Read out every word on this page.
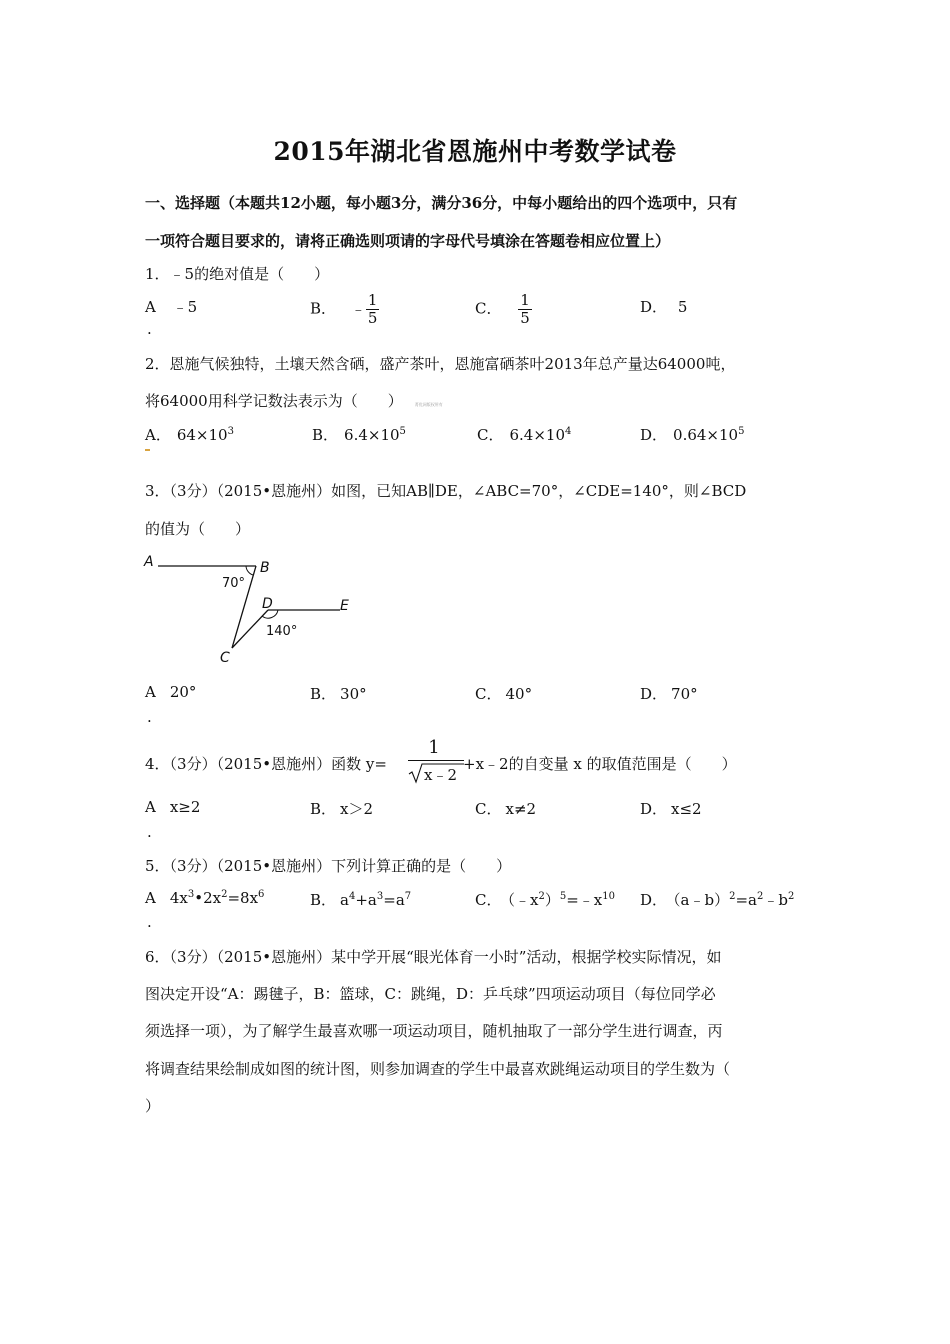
2015年湖北省恩施州中考数学试卷
一、选择题（本题共12小题，每小题3分，满分36分，中每小题给出的四个选项中，只有
一项符合题目要求的，请将正确选则项请的字母代号填涂在答题卷相应位置上）
1．﹣5的绝对值是（　　）
A ﹣5
.
B． ﹣ $\frac{1}{5}$	C． $\frac{1}{5}$	D． 5
2．恩施气候独特，土壤天然含硒，盛产茶叶，恩施富硒茶叶2013年总产量达64000吨，
将64000用科学记数法表示为（　　）	菁优网版权所有
A． $64\times 10^3$	B． $6.4\times 10^5$	C． $6.4\times 10^4$	D． $0.64\times 10^5$
3．（3分）（2015•恩施州）如图，已知AB∥DE，∠ABC=70°，∠CDE=140°，则∠BCD
的值为（　　）
A	B
C
D	E
70°
140°
A 20°
.
B． 30°	C． 40°	D． 70°
4．（3分）（2015•恩施州）函数 y=
1
x﹣2
+x﹣2的自变量 x 的取值范围是（　　）
A x≥2
.
B． x＞2	C． x≠2	D． x≤2
5．（3分）（2015•恩施州）下列计算正确的是（　　）
A $4x^3•2x^2=8x^6$
.
B． $a^4+a^3=a^7$	C． $(﹣x^2)^5=﹣x^{10}$ D． $(a﹣b)^2=a^2﹣b^2$
6．（3分）（2015•恩施州）某中学开展“眼光体育一小时”活动，根据学校实际情况，如
图决定开设“A：踢毽子，B：篮球，C：跳绳，D：乒乓球”四项运动项目（每位同学必
须选择一项），为了解学生最喜欢哪一项运动项目，随机抽取了一部分学生进行调查，丙
将调查结果绘制成如图的统计图，则参加调查的学生中最喜欢跳绳运动项目的学生数为（
）
